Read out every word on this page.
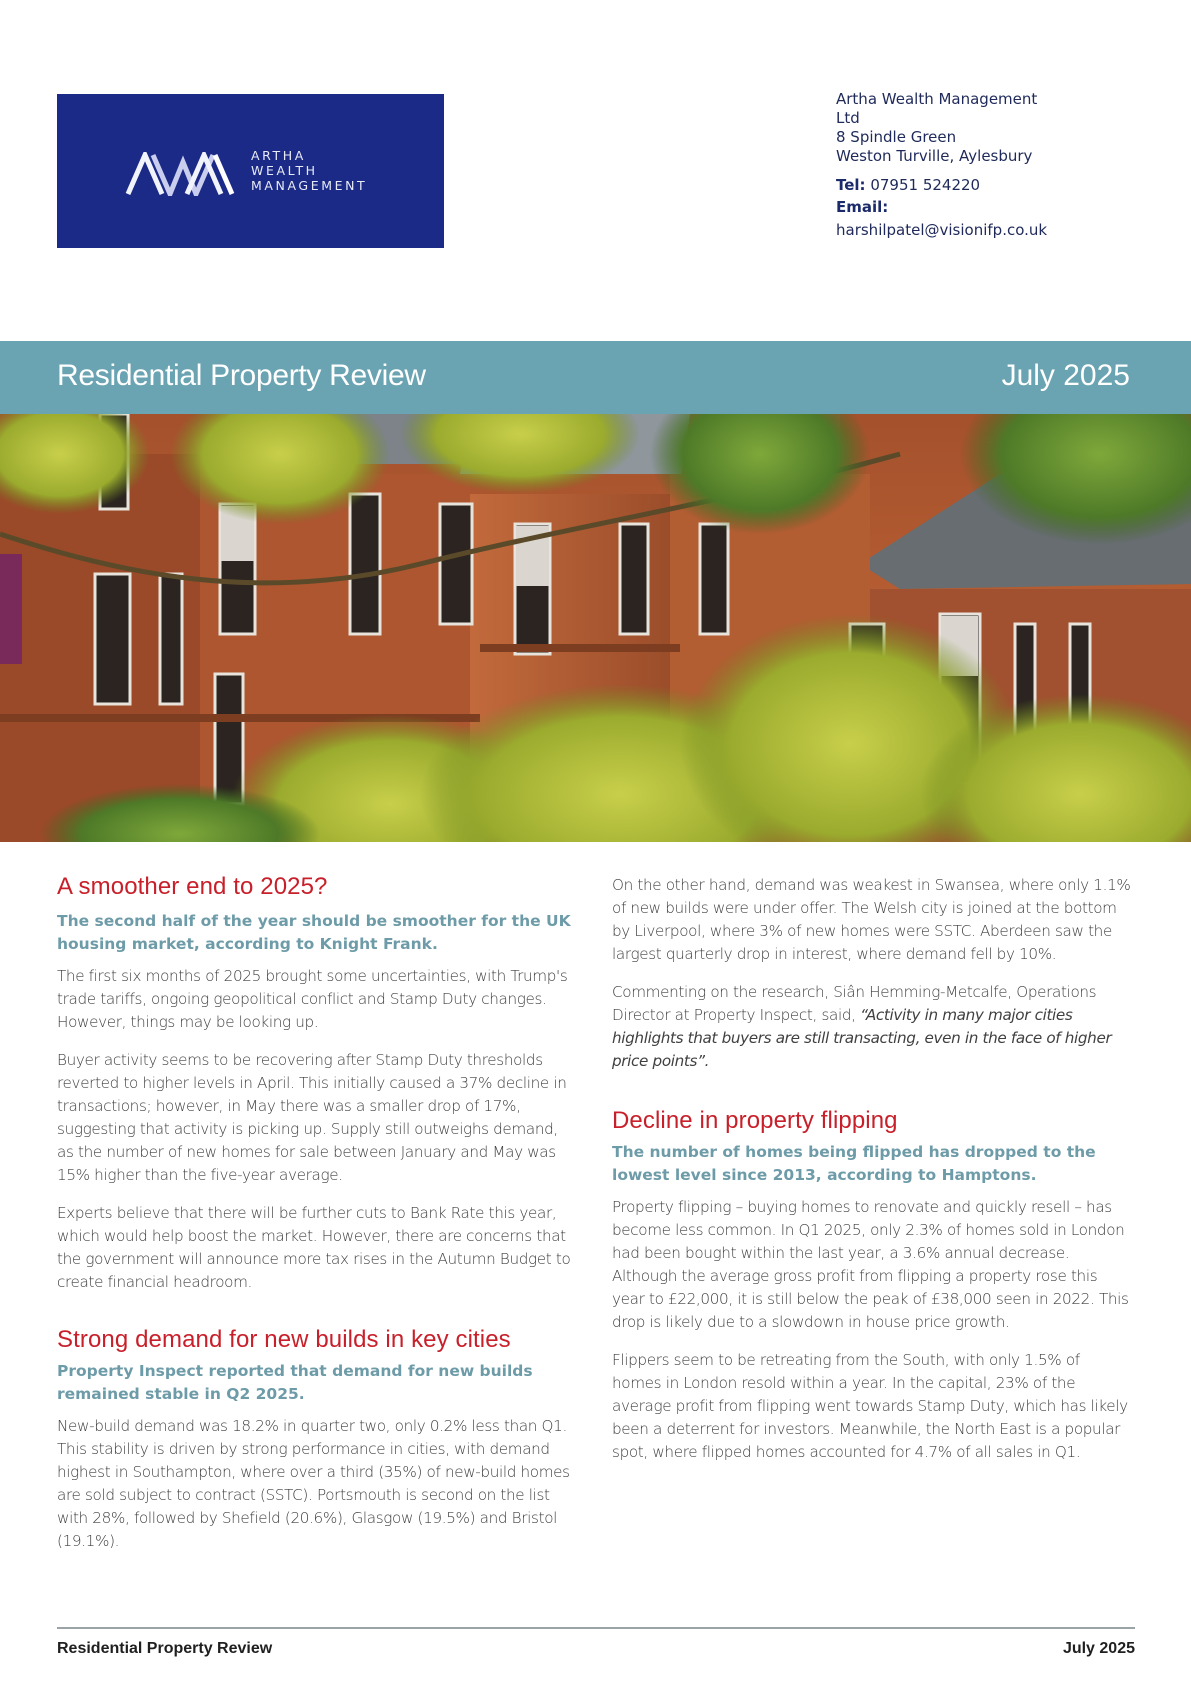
ARTHA
WEALTH
MANAGEMENT
Artha Wealth Management
Ltd
8 Spindle Green
Weston Turville, Aylesbury
Tel: 07951 524220
Email:
harshilpatel@visionifp.co.uk
Residential Property Review	July 2025
A smoother end to 2025?
The second half of the year should be smoother for the UK housing market, according to Knight Frank.

The first six months of 2025 brought some uncertainties, with Trump's trade tariffs, ongoing geopolitical conflict and Stamp Duty changes. However, things may be looking up.

Buyer activity seems to be recovering after Stamp Duty thresholds reverted to higher levels in April. This initially caused a 37% decline in transactions; however, in May there was a smaller drop of 17%, suggesting that activity is picking up. Supply still outweighs demand, as the number of new homes for sale between January and May was 15% higher than the five-year average.

Experts believe that there will be further cuts to Bank Rate this year, which would help boost the market. However, there are concerns that the government will announce more tax rises in the Autumn Budget to create financial headroom.

Strong demand for new builds in key cities
Property Inspect reported that demand for new builds remained stable in Q2 2025.

New-build demand was 18.2% in quarter two, only 0.2% less than Q1. This stability is driven by strong performance in cities, with demand highest in Southampton, where over a third (35%) of new-build homes are sold subject to contract (SSTC). Portsmouth is second on the list with 28%, followed by Shefield (20.6%), Glasgow (19.5%) and Bristol (19.1%).

On the other hand, demand was weakest in Swansea, where only 1.1% of new builds were under offer. The Welsh city is joined at the bottom by Liverpool, where 3% of new homes were SSTC. Aberdeen saw the largest quarterly drop in interest, where demand fell by 10%.

Commenting on the research, Siân Hemming-Metcalfe, Operations Director at Property Inspect, said, “Activity in many major cities highlights that buyers are still transacting, even in the face of higher price points”.

Decline in property flipping
The number of homes being flipped has dropped to the lowest level since 2013, according to Hamptons.

Property flipping – buying homes to renovate and quickly resell – has become less common. In Q1 2025, only 2.3% of homes sold in London had been bought within the last year, a 3.6% annual decrease. Although the average gross profit from flipping a property rose this year to £22,000, it is still below the peak of £38,000 seen in 2022. This drop is likely due to a slowdown in house price growth.

Flippers seem to be retreating from the South, with only 1.5% of homes in London resold within a year. In the capital, 23% of the average profit from flipping went towards Stamp Duty, which has likely been a deterrent for investors. Meanwhile, the North East is a popular spot, where flipped homes accounted for 4.7% of all sales in Q1.

Residential Property Review	July 2025
